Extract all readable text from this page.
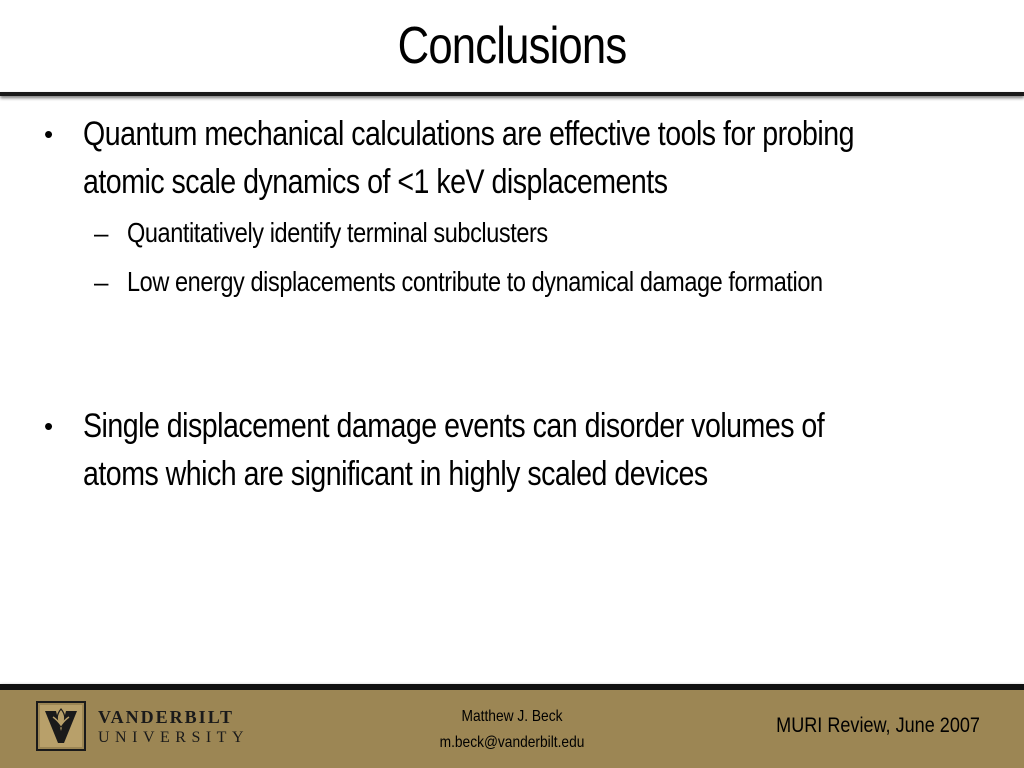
Conclusions
• Quantum mechanical calculations are effective tools for probing atomic scale dynamics of <1 keV displacements
– Quantitatively identify terminal subclusters
– Low energy displacements contribute to dynamical damage formation
• Single displacement damage events can disorder volumes of atoms which are significant in highly scaled devices
VANDERBILT
UNIVERSITY
Matthew J. Beck
m.beck@vanderbilt.edu
MURI Review, June 2007
